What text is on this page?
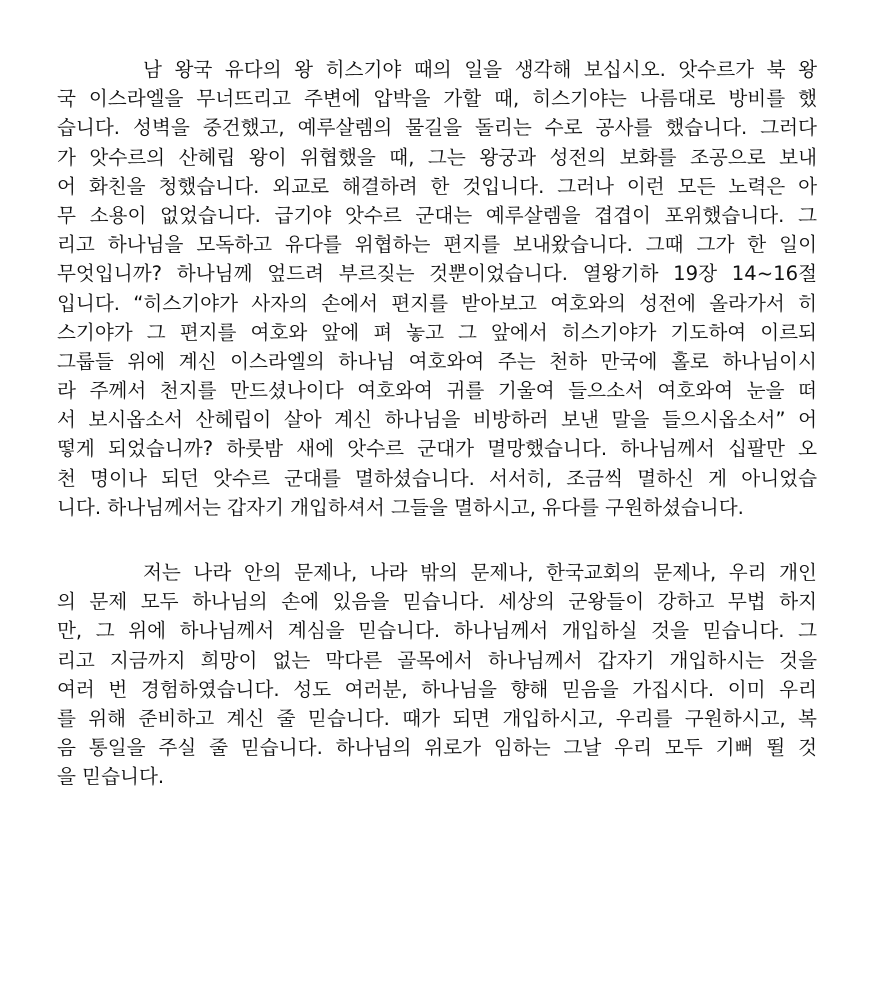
남 왕국 유다의 왕 히스기야 때의 일을 생각해 보십시오. 앗수르가 북 왕
국 이스라엘을 무너뜨리고 주변에 압박을 가할 때, 히스기야는 나름대로 방비를 했
습니다. 성벽을 중건했고, 예루살렘의 물길을 돌리는 수로 공사를 했습니다. 그러다
가 앗수르의 산헤립 왕이 위협했을 때, 그는 왕궁과 성전의 보화를 조공으로 보내
어 화친을 청했습니다. 외교로 해결하려 한 것입니다. 그러나 이런 모든 노력은 아
무 소용이 없었습니다. 급기야 앗수르 군대는 예루살렘을 겹겹이 포위했습니다. 그
리고 하나님을 모독하고 유다를 위협하는 편지를 보내왔습니다. 그때 그가 한 일이
무엇입니까? 하나님께 엎드려 부르짖는 것뿐이었습니다. 열왕기하 19장 14~16절
입니다. “히스기야가 사자의 손에서 편지를 받아보고 여호와의 성전에 올라가서 히
스기야가 그 편지를 여호와 앞에 펴 놓고 그 앞에서 히스기야가 기도하여 이르되
그룹들 위에 계신 이스라엘의 하나님 여호와여 주는 천하 만국에 홀로 하나님이시
라 주께서 천지를 만드셨나이다 여호와여 귀를 기울여 들으소서 여호와여 눈을 떠
서 보시옵소서 산헤립이 살아 계신 하나님을 비방하러 보낸 말을 들으시옵소서” 어
떻게 되었습니까? 하룻밤 새에 앗수르 군대가 멸망했습니다. 하나님께서 십팔만 오
천 명이나 되던 앗수르 군대를 멸하셨습니다. 서서히, 조금씩 멸하신 게 아니었습
니다. 하나님께서는 갑자기 개입하셔서 그들을 멸하시고, 유다를 구원하셨습니다.
저는 나라 안의 문제나, 나라 밖의 문제나, 한국교회의 문제나, 우리 개인
의 문제 모두 하나님의 손에 있음을 믿습니다. 세상의 군왕들이 강하고 무법 하지
만, 그 위에 하나님께서 계심을 믿습니다. 하나님께서 개입하실 것을 믿습니다. 그
리고 지금까지 희망이 없는 막다른 골목에서 하나님께서 갑자기 개입하시는 것을
여러 번 경험하였습니다. 성도 여러분, 하나님을 향해 믿음을 가집시다. 이미 우리
를 위해 준비하고 계신 줄 믿습니다. 때가 되면 개입하시고, 우리를 구원하시고, 복
음 통일을 주실 줄 믿습니다. 하나님의 위로가 임하는 그날 우리 모두 기뻐 뛸 것
을 믿습니다.
